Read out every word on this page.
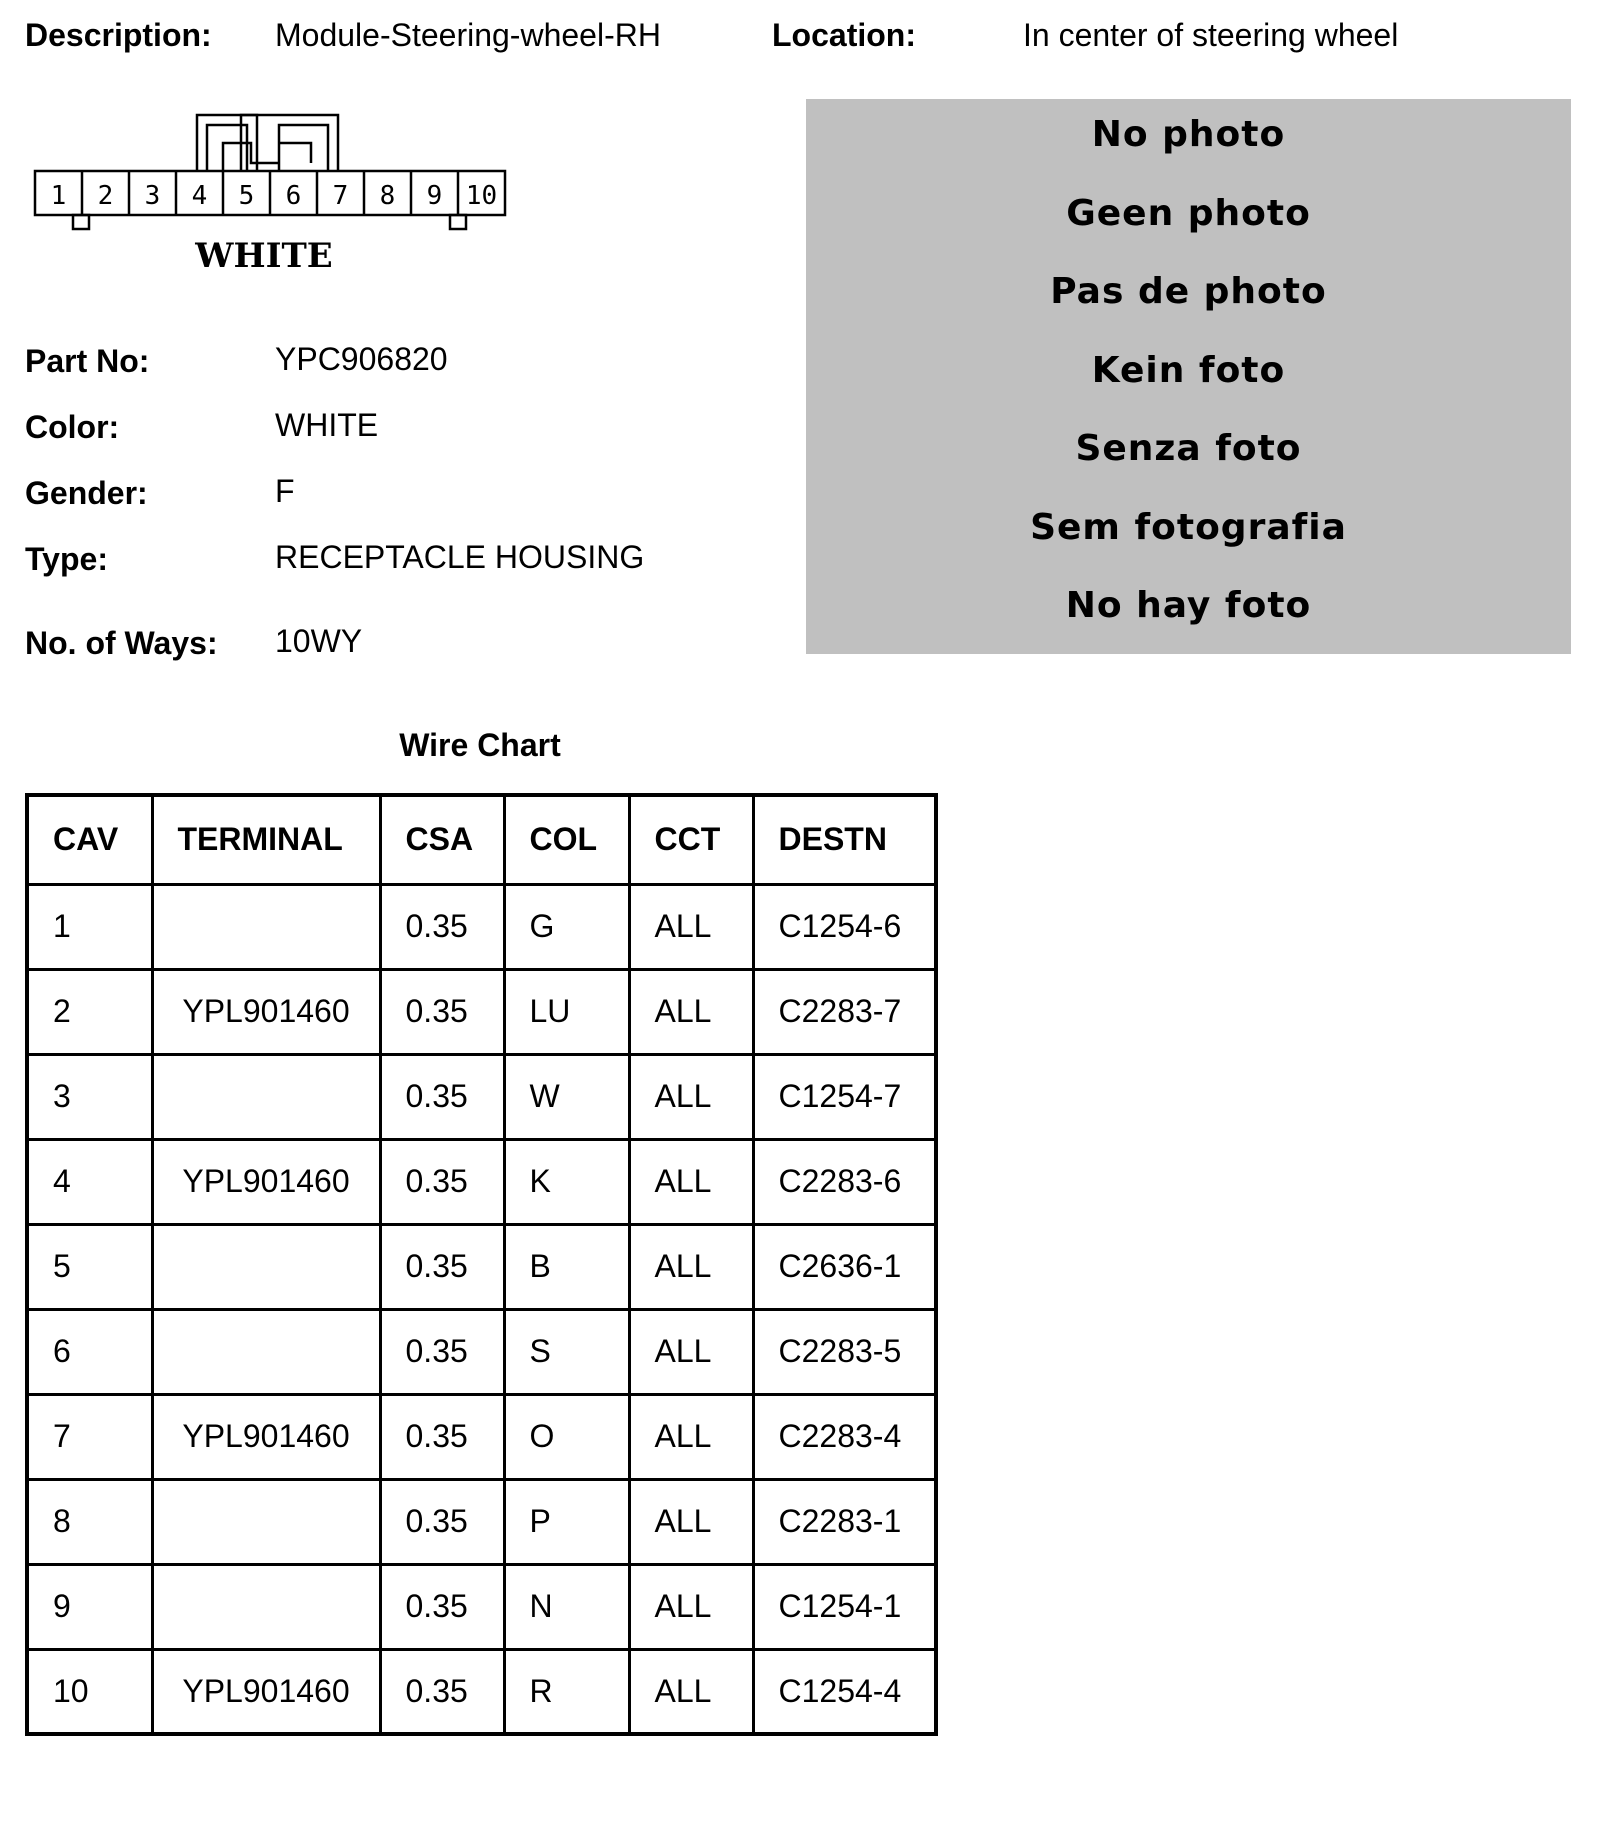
Description: Module-Steering-wheel-RH	Location:	In center of steering wheel
1 2 3 4 5 6 7 8 9 10
WHITE
Part No:	YPC906820
Color:	WHITE
Gender:	F
Type:	RECEPTACLE HOUSING
No. of Ways: 10WY
No photo
Geen photo
Pas de photo
Kein foto
Senza foto
Sem fotografia
No hay foto
Wire Chart
CAV	TERMINAL	CSA	COL	CCT	DESTN
1		0.35	G	ALL	C1254-6
2	YPL901460	0.35	LU	ALL	C2283-7
3		0.35	W	ALL	C1254-7
4	YPL901460	0.35	K	ALL	C2283-6
5		0.35	B	ALL	C2636-1
6		0.35	S	ALL	C2283-5
7	YPL901460	0.35	O	ALL	C2283-4
8		0.35	P	ALL	C2283-1
9		0.35	N	ALL	C1254-1
10	YPL901460	0.35	R	ALL	C1254-4
